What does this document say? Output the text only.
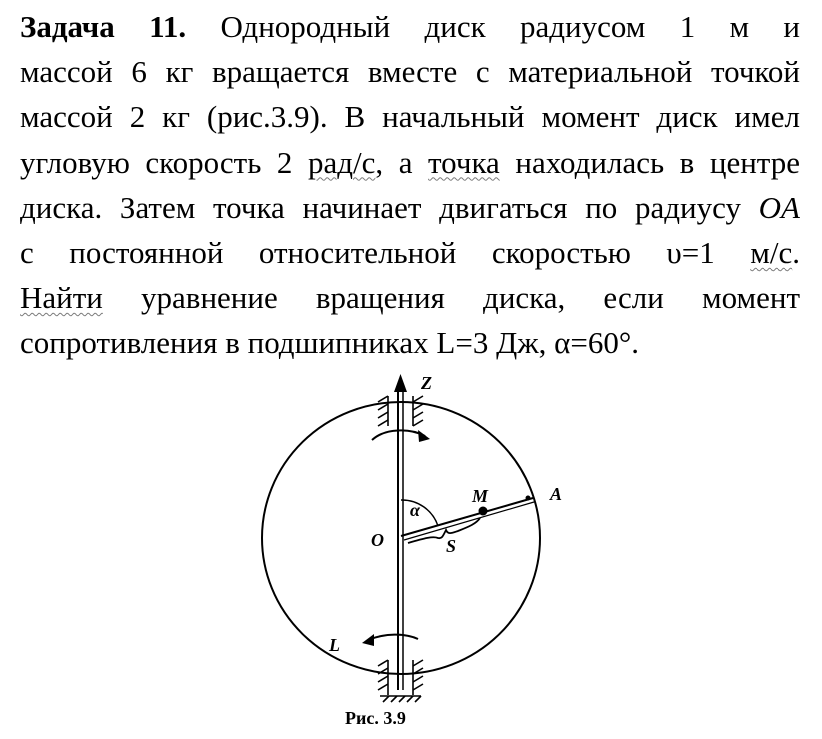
Задача 11. Однородный диск радиусом 1 м и
массой 6 кг вращается вместе с материальной точкой
массой 2 кг (рис.3.9). В начальный момент диск имел
угловую скорость 2 рад/с, а точка находилась в центре
диска. Затем точка начинает двигаться по радиусу OA
с постоянной относительной скоростью υ=1 м/с.
Найти уравнение вращения диска, если момент
сопротивления в подшипниках L=3 Дж, α=60°.
Z
M	A
α
O	S
L
Рис. 3.9
